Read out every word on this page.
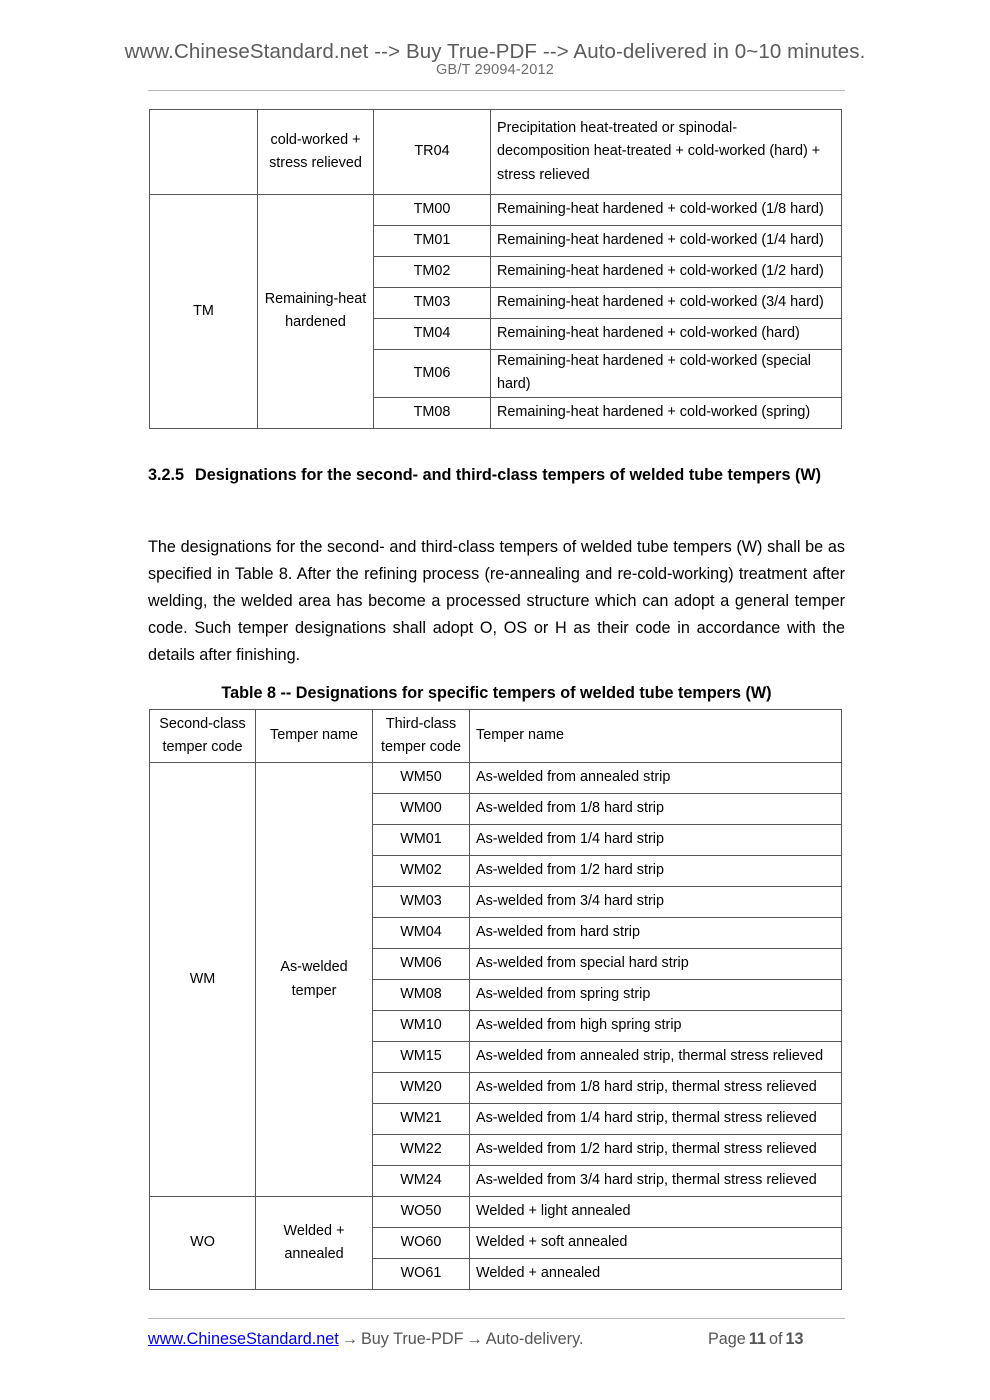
www.ChineseStandard.net --> Buy True-PDF --> Auto-delivered in 0~10 minutes.
GB/T 29094-2012
	cold-worked +
stress relieved	TR04	Precipitation heat-treated or spinodal-
decomposition heat-treated + cold-worked (hard) +
stress relieved
TM	Remaining-heat
hardened	TM00	Remaining-heat hardened + cold-worked (1/8 hard)
		TM01	Remaining-heat hardened + cold-worked (1/4 hard)
		TM02	Remaining-heat hardened + cold-worked (1/2 hard)
		TM03	Remaining-heat hardened + cold-worked (3/4 hard)
		TM04	Remaining-heat hardened + cold-worked (hard)
		TM06	Remaining-heat hardened + cold-worked (special
hard)
		TM08	Remaining-heat hardened + cold-worked (spring)
3.2.5 Designations for the second- and third-class tempers of welded tube tempers (W)
The designations for the second- and third-class tempers of welded tube tempers (W) shall be as specified in Table 8. After the refining process (re-annealing and re-cold-working) treatment after welding, the welded area has become a processed structure which can adopt a general temper code. Such temper designations shall adopt O, OS or H as their code in accordance with the details after finishing.
Table 8 -- Designations for specific tempers of welded tube tempers (W)
Second-class
temper code	Temper name	Third-class
temper code	Temper name
WM	As-welded
temper	WM50	As-welded from annealed strip
		WM00	As-welded from 1/8 hard strip
		WM01	As-welded from 1/4 hard strip
		WM02	As-welded from 1/2 hard strip
		WM03	As-welded from 3/4 hard strip
		WM04	As-welded from hard strip
		WM06	As-welded from special hard strip
		WM08	As-welded from spring strip
		WM10	As-welded from high spring strip
		WM15	As-welded from annealed strip, thermal stress relieved
		WM20	As-welded from 1/8 hard strip, thermal stress relieved
		WM21	As-welded from 1/4 hard strip, thermal stress relieved
		WM22	As-welded from 1/2 hard strip, thermal stress relieved
		WM24	As-welded from 3/4 hard strip, thermal stress relieved
WO	Welded +
annealed	WO50	Welded + light annealed
		WO60	Welded + soft annealed
		WO61	Welded + annealed
www.ChineseStandard.net → Buy True-PDF → Auto-delivery.	Page 11 of 13
